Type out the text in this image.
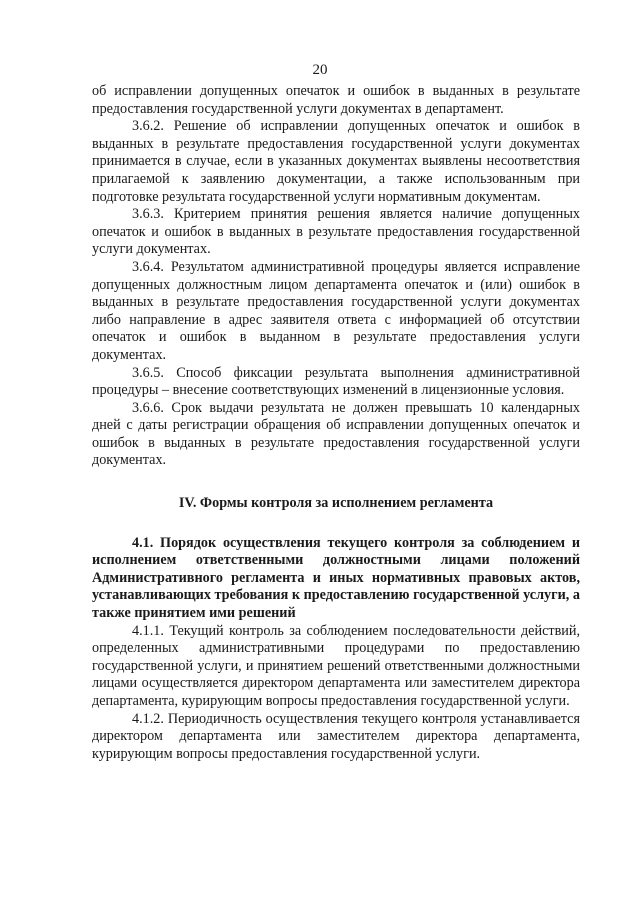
20

об исправлении допущенных опечаток и ошибок в выданных в результате предоставления государственной услуги документах в департамент.

3.6.2. Решение об исправлении допущенных опечаток и ошибок в выданных в результате предоставления государственной услуги документах принимается в случае, если в указанных документах выявлены несоответствия прилагаемой к заявлению документации, а также использованным при подготовке результата государственной услуги нормативным документам.

3.6.3. Критерием принятия решения является наличие допущенных опечаток и ошибок в выданных в результате предоставления государственной услуги документах.

3.6.4. Результатом административной процедуры является исправление допущенных должностным лицом департамента опечаток и (или) ошибок в выданных в результате предоставления государственной услуги документах либо направление в адрес заявителя ответа с информацией об отсутствии опечаток и ошибок в выданном в результате предоставления услуги документах.

3.6.5. Способ фиксации результата выполнения административной процедуры – внесение соответствующих изменений в лицензионные условия.

3.6.6. Срок выдачи результата не должен превышать 10 календарных дней с даты регистрации обращения об исправлении допущенных опечаток и ошибок в выданных в результате предоставления государственной услуги документах.

IV. Формы контроля за исполнением регламента

4.1. Порядок осуществления текущего контроля за соблюдением и исполнением ответственными должностными лицами положений Административного регламента и иных нормативных правовых актов, устанавливающих требования к предоставлению государственной услуги, а также принятием ими решений

4.1.1. Текущий контроль за соблюдением последовательности действий, определенных административными процедурами по предоставлению государственной услуги, и принятием решений ответственными должностными лицами осуществляется директором департамента или заместителем директора департамента, курирующим вопросы предоставления государственной услуги.

4.1.2. Периодичность осуществления текущего контроля устанавливается директором департамента или заместителем директора департамента, курирующим вопросы предоставления государственной услуги.
